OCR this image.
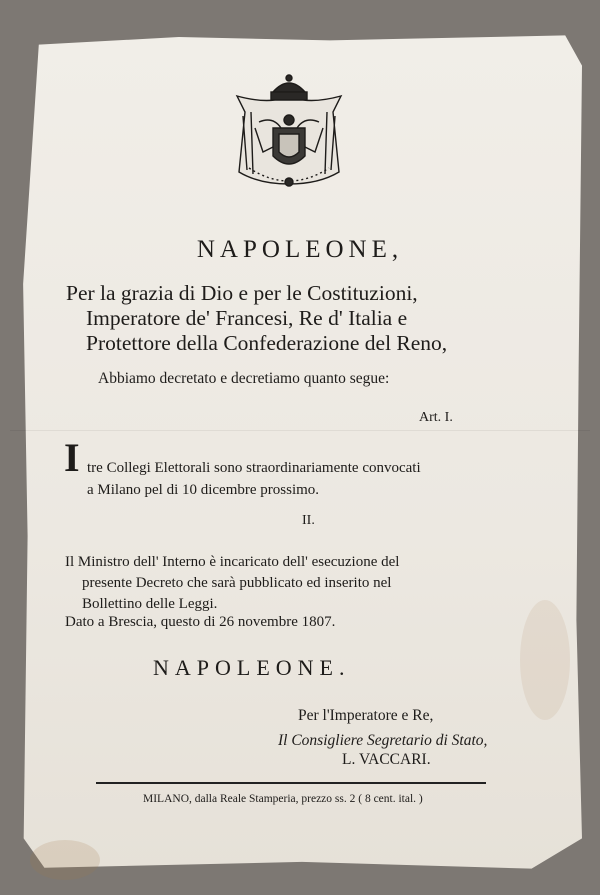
NAPOLEONE,
Per la grazia di Dio e per le Costituzioni,
Imperatore de' Francesi, Re d' Italia e
Protettore della Confederazione del Reno,
Abbiamo decretato e decretiamo quanto segue:
Art. I.
I tre Collegi Elettorali sono straordinariamente convocati
a Milano pel di 10 dicembre prossimo.
II.
Il Ministro dell' Interno è incaricato dell' esecuzione del
presente Decreto che sarà pubblicato ed inserito nel
Bollettino delle Leggi.
Dato a Brescia, questo di 26 novembre 1807.
NAPOLEONE.
Per l'Imperatore e Re,
Il Consigliere Segretario di Stato,
L. VACCARI.
MILANO, dalla Reale Stamperia, prezzo ss. 2 ( 8 cent. ital. )
